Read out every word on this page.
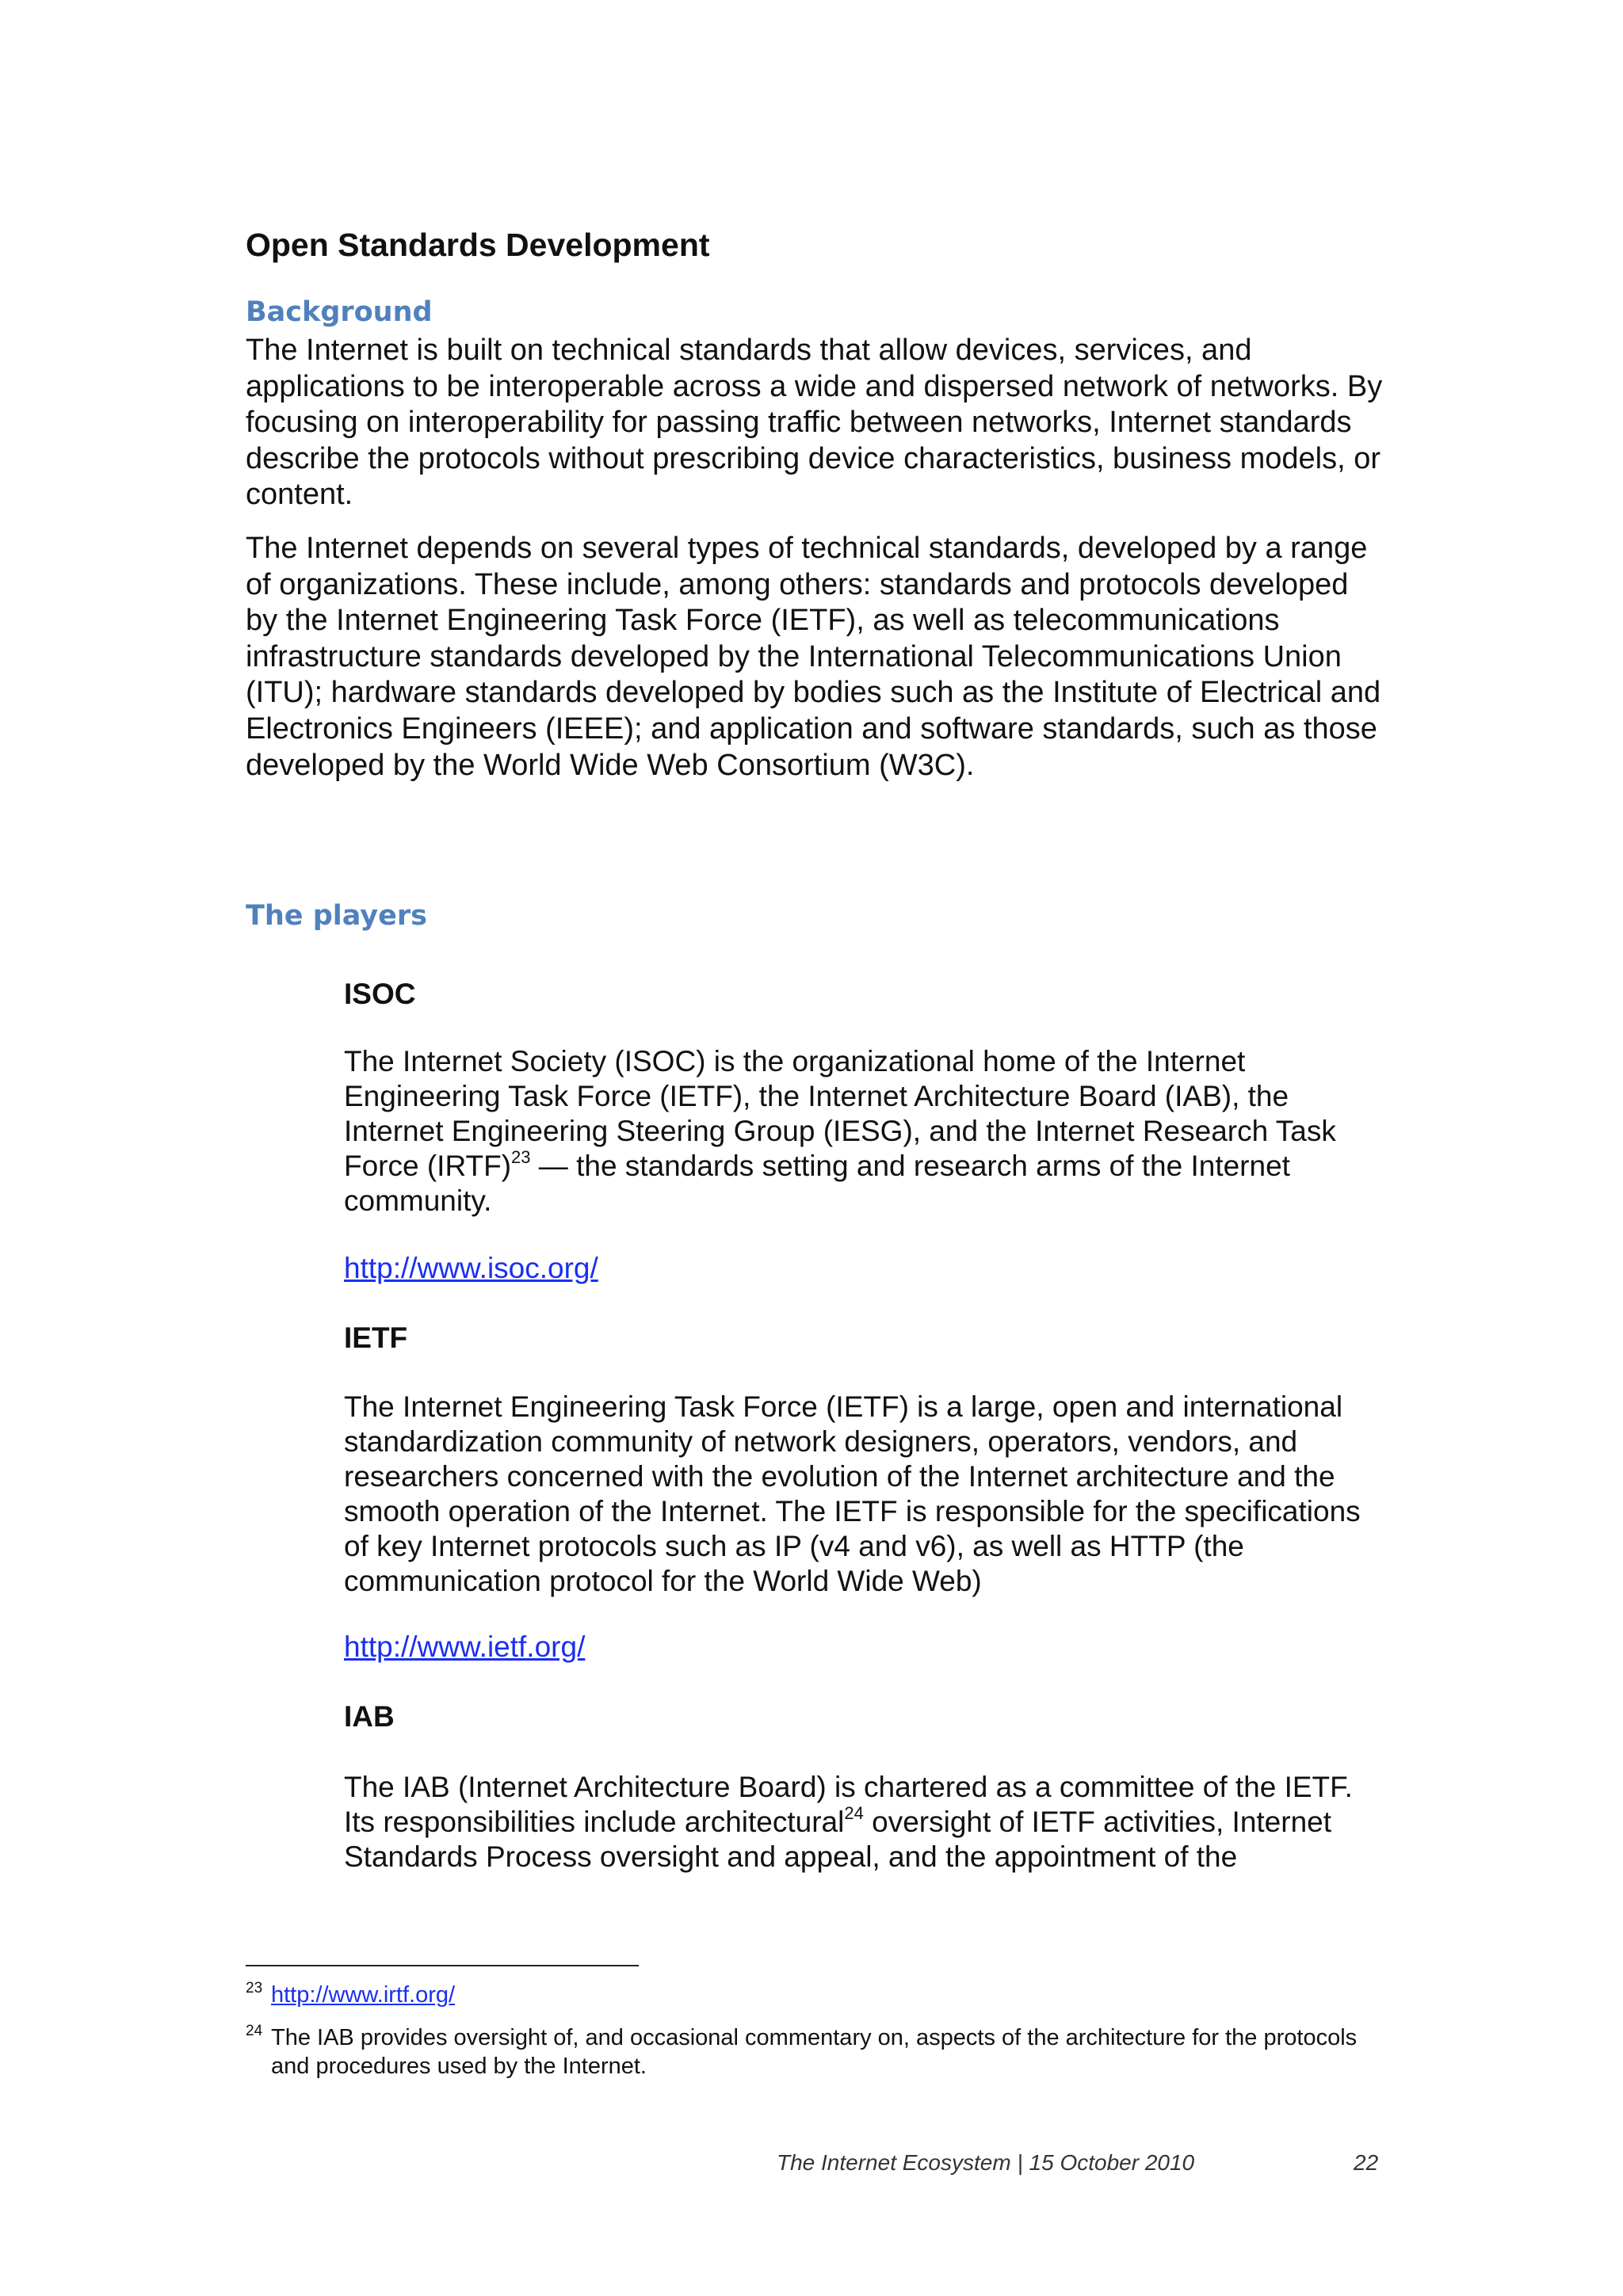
Open Standards Development
Background

The Internet is built on technical standards that allow devices, services, and applications to be interoperable across a wide and dispersed network of networks. By focusing on interoperability for passing traffic between networks, Internet standards describe the protocols without prescribing device characteristics, business models, or content.

The Internet depends on several types of technical standards, developed by a range of organizations. These include, among others: standards and protocols developed by the Internet Engineering Task Force (IETF), as well as telecommunications infrastructure standards developed by the International Telecommunications Union (ITU); hardware standards developed by bodies such as the Institute of Electrical and Electronics Engineers (IEEE); and application and software standards, such as those developed by the World Wide Web Consortium (W3C).

The players
ISOC

The Internet Society (ISOC) is the organizational home of the Internet Engineering Task Force (IETF), the Internet Architecture Board (IAB), the Internet Engineering Steering Group (IESG), and the Internet Research Task Force (IRTF)$^{23}$ — the standards setting and research arms of the Internet community.

http://www.isoc.org/
IETF

The Internet Engineering Task Force (IETF) is a large, open and international standardization community of network designers, operators, vendors, and researchers concerned with the evolution of the Internet architecture and the smooth operation of the Internet. The IETF is responsible for the specifications of key Internet protocols such as IP (v4 and v6), as well as HTTP (the communication protocol for the World Wide Web)

http://www.ietf.org/
IAB

The IAB (Internet Architecture Board) is chartered as a committee of the IETF. Its responsibilities include architectural$^{24}$ oversight of IETF activities, Internet Standards Process oversight and appeal, and the appointment of the

$^{23}$ http://www.irtf.org/
$^{24}$ The IAB provides oversight of, and occasional commentary on, aspects of the architecture for the protocols and procedures used by the Internet.
The Internet Ecosystem | 15 October 2010	22
